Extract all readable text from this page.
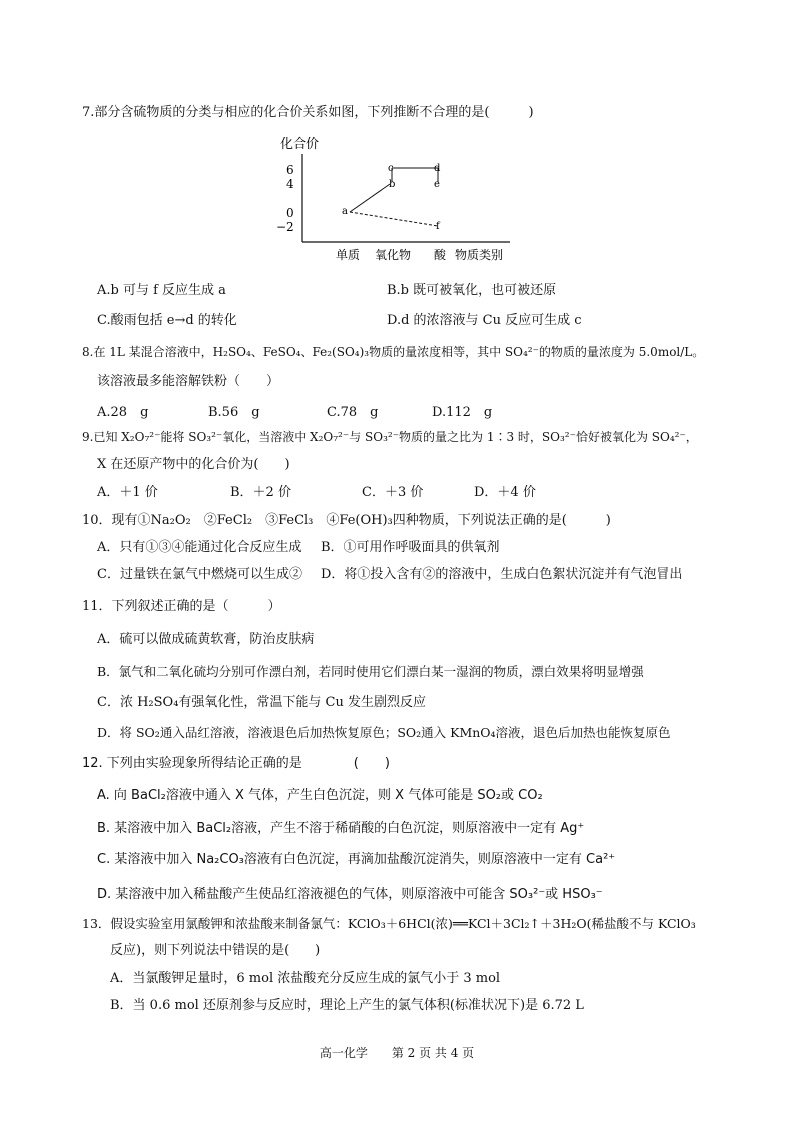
7.部分含硫物质的分类与相应的化合价关系如图，下列推断不合理的是(　　　)
化合价
6
4
0
−2
a
b
c	d
e
f
单质 氧化物 酸 物质类别
A.b 可与 f 反应生成 a	B.b 既可被氧化，也可被还原
C.酸雨包括 e→d 的转化	D.d 的浓溶液与 Cu 反应可生成 c
8.在 1L 某混合溶液中，H₂SO₄、FeSO₄、Fe₂(SO₄)₃物质的量浓度相等，其中 SO₄²⁻的物质的量浓度为 5.0mol/L。
该溶液最多能溶解铁粉（　　）
A.28　g	B.56　g	C.78　g	D.112　g
9.已知 X₂O₇²⁻能将 SO₃²⁻氧化，当溶液中 X₂O₇²⁻与 SO₃²⁻物质的量之比为 1∶3 时，SO₃²⁻恰好被氧化为 SO₄²⁻，
X 在还原产物中的化合价为(　　)
A．＋1 价	B．＋2 价	C．＋3 价	D．＋4 价
10．现有①Na₂O₂　②FeCl₂　③FeCl₃　④Fe(OH)₃四种物质，下列说法正确的是(　　　)
A．只有①③④能通过化合反应生成 B．①可用作呼吸面具的供氧剂
C．过量铁在氯气中燃烧可以生成② D．将①投入含有②的溶液中，生成白色絮状沉淀并有气泡冒出
11．下列叙述正确的是（　　　）
A．硫可以做成硫黄软膏，防治皮肤病
B．氯气和二氧化硫均分别可作漂白剂，若同时使用它们漂白某一湿润的物质，漂白效果将明显增强
C．浓 H₂SO₄有强氧化性，常温下能与 Cu 发生剧烈反应
D．将 SO₂通入品红溶液，溶液退色后加热恢复原色；SO₂通入 KMnO₄溶液，退色后加热也能恢复原色
12. 下列由实验现象所得结论正确的是　　　　(　　)
A. 向 BaCl₂溶液中通入 X 气体，产生白色沉淀，则 X 气体可能是 SO₂或 CO₂
B. 某溶液中加入 BaCl₂溶液，产生不溶于稀硝酸的白色沉淀，则原溶液中一定有 Ag⁺
C. 某溶液中加入 Na₂CO₃溶液有白色沉淀，再滴加盐酸沉淀消失，则原溶液中一定有 Ca²⁺
D. 某溶液中加入稀盐酸产生使品红溶液褪色的气体，则原溶液中可能含 SO₃²⁻或 HSO₃⁻
13．假设实验室用氯酸钾和浓盐酸来制备氯气：KClO₃＋6HCl(浓)══KCl＋3Cl₂↑＋3H₂O(稀盐酸不与 KClO₃
反应)，则下列说法中错误的是(　　)
A．当氯酸钾足量时，6 mol 浓盐酸充分反应生成的氯气小于 3 mol
B．当 0.6 mol 还原剂参与反应时，理论上产生的氯气体积(标准状况下)是 6.72 L
高一化学　　第 2 页 共 4 页
